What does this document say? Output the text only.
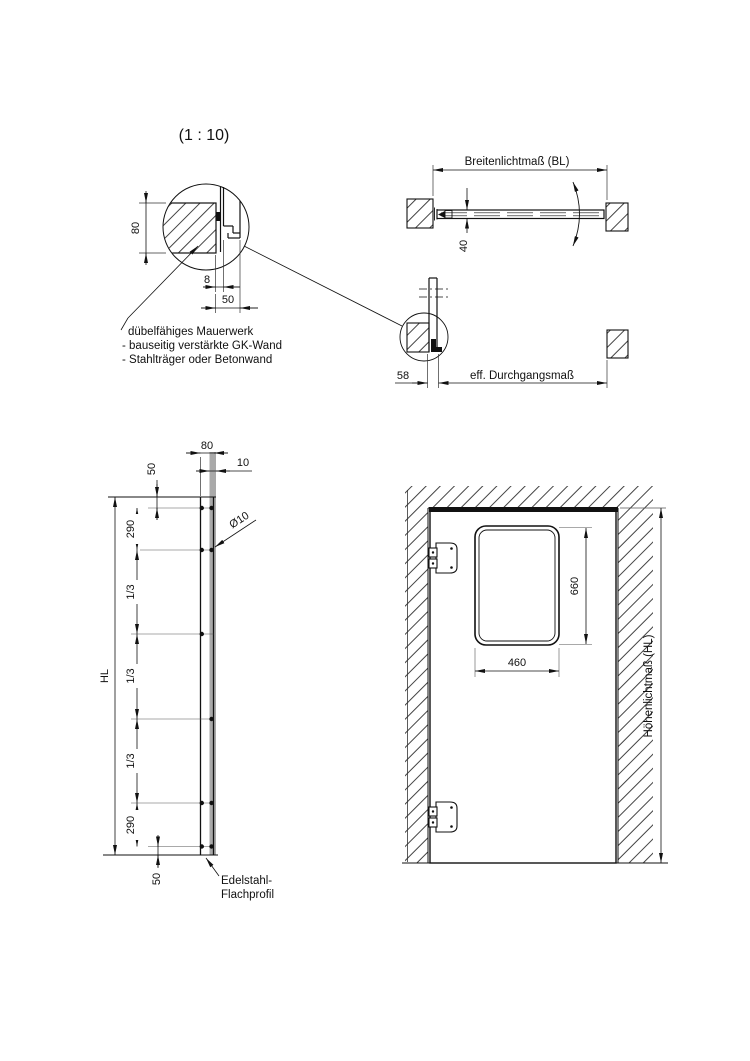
(1 : 10)
80
8
50
dübelfähiges Mauerwerk
- bauseitig verstärkte GK-Wand
- Stahlträger oder Betonwand
Breitenlichtmaß (BL)
40
58	eff. Durchgangsmaß
80
10
50
290
1/3
1/3
1/3
290
50
HL
Ø10
Edelstahl-
Flachprofil
660
460	Höhenlichtmaß (HL)
